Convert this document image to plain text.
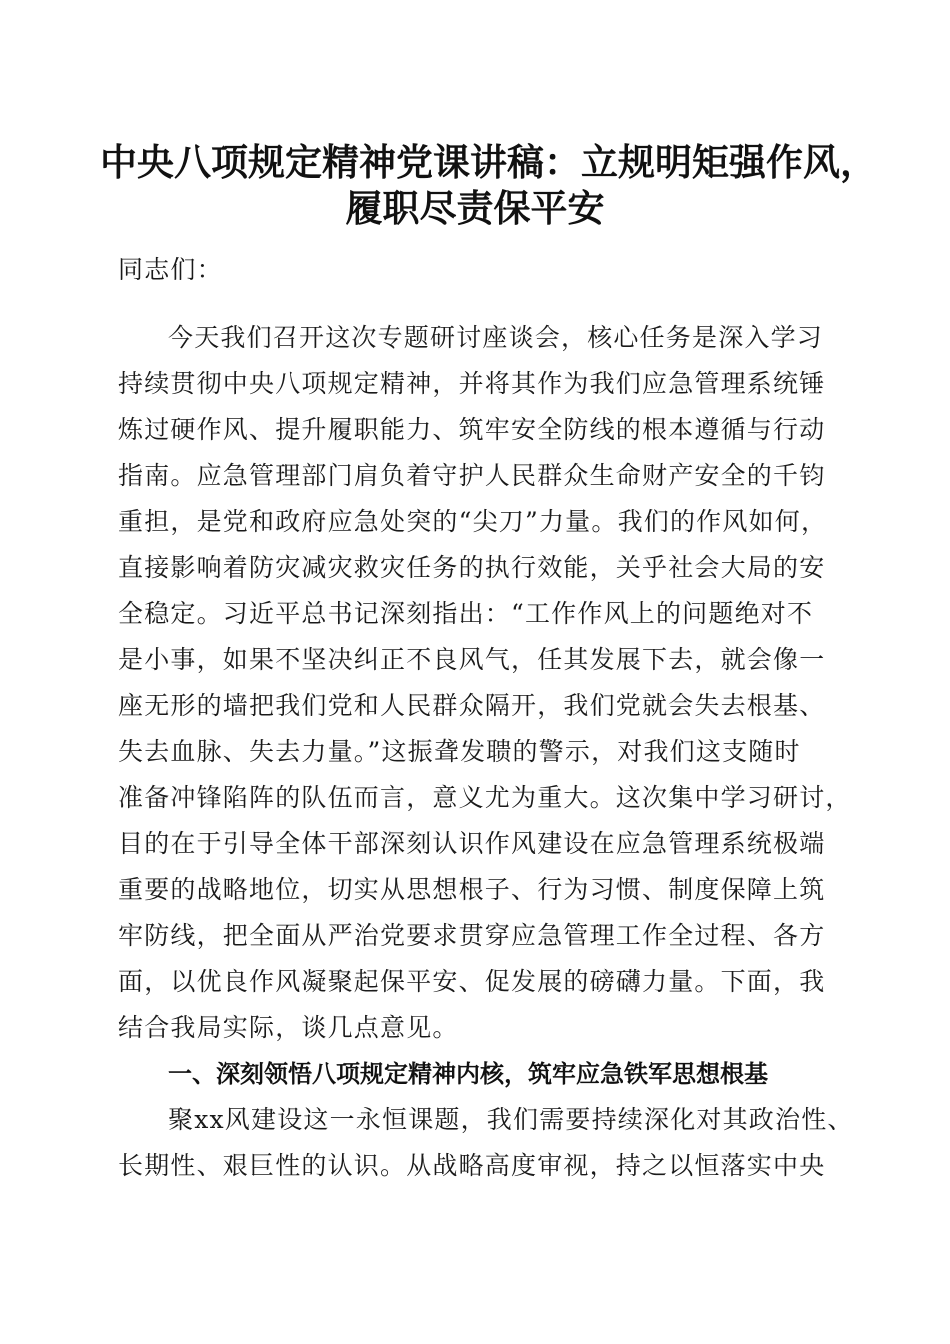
中央八项规定精神党课讲稿：立规明矩强作风，
履职尽责保平安
同志们：
今天我们召开这次专题研讨座谈会，核心任务是深入学习
持续贯彻中央八项规定精神，并将其作为我们应急管理系统锤
炼过硬作风、提升履职能力、筑牢安全防线的根本遵循与行动
指南。应急管理部门肩负着守护人民群众生命财产安全的千钧
重担，是党和政府应急处突的“尖刀”力量。我们的作风如何，
直接影响着防灾减灾救灾任务的执行效能，关乎社会大局的安
全稳定。习近平总书记深刻指出：“工作作风上的问题绝对不
是小事，如果不坚决纠正不良风气，任其发展下去，就会像一
座无形的墙把我们党和人民群众隔开，我们党就会失去根基、
失去血脉、失去力量。”这振聋发聩的警示，对我们这支随时
准备冲锋陷阵的队伍而言，意义尤为重大。这次集中学习研讨，
目的在于引导全体干部深刻认识作风建设在应急管理系统极端
重要的战略地位，切实从思想根子、行为习惯、制度保障上筑
牢防线，把全面从严治党要求贯穿应急管理工作全过程、各方
面，以优良作风凝聚起保平安、促发展的磅礴力量。下面，我
结合我局实际，谈几点意见。
一、深刻领悟八项规定精神内核，筑牢应急铁军思想根基
聚xx风建设这一永恒课题，我们需要持续深化对其政治性、
长期性、艰巨性的认识。从战略高度审视，持之以恒落实中央
